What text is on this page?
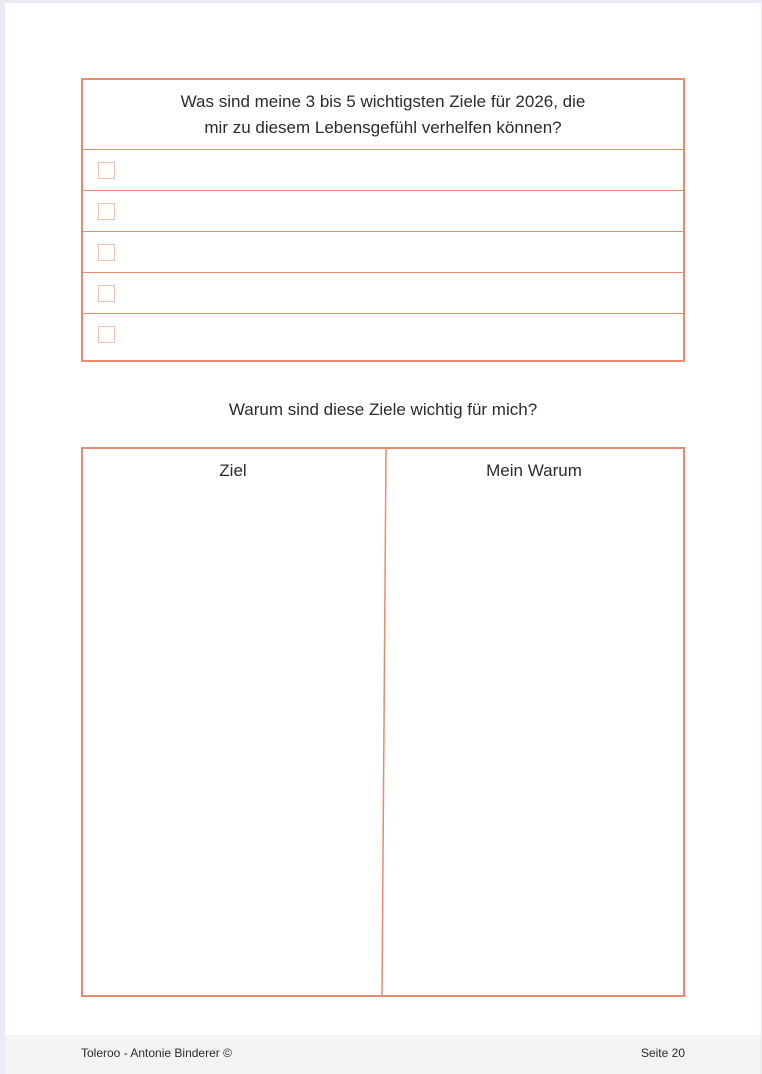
Was sind meine 3 bis 5 wichtigsten Ziele für 2026, die
mir zu diesem Lebensgefühl verhelfen können?
Warum sind diese Ziele wichtig für mich?
Ziel	Mein Warum
Toleroo - Antonie Binderer ©	Seite 20
